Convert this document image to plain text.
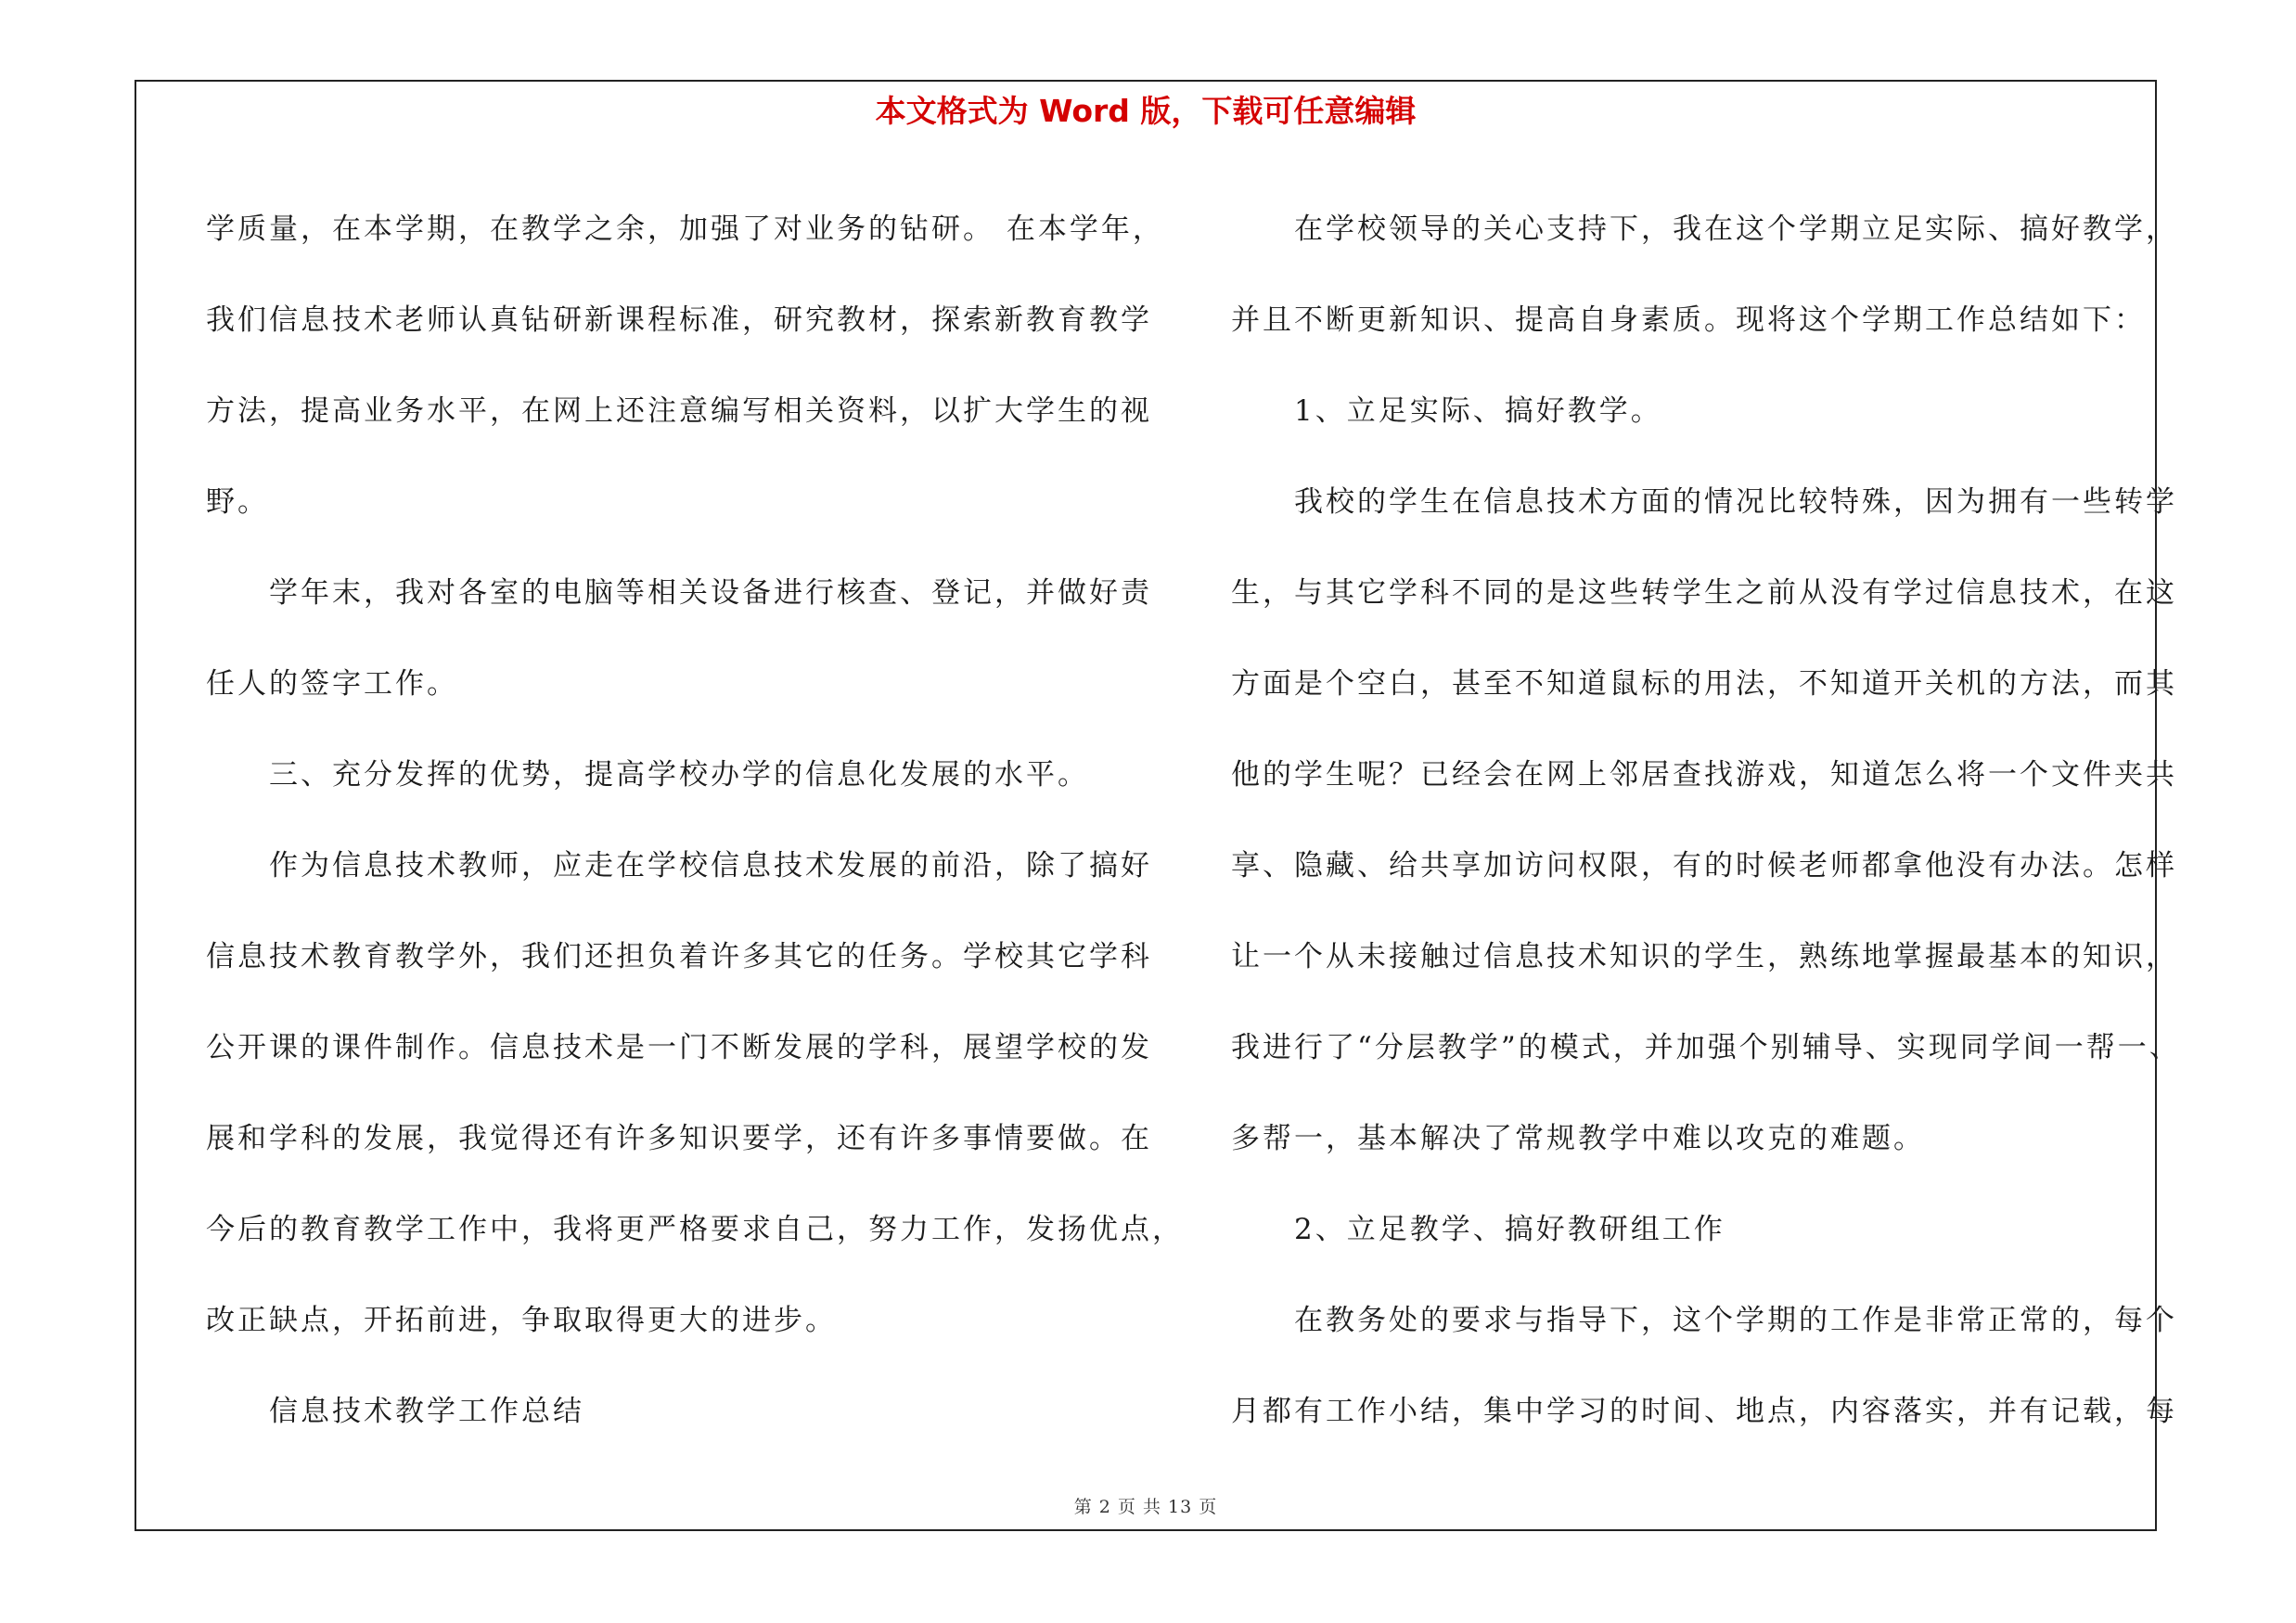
本文格式为 Word 版，下载可任意编辑
学质量，在本学期，在教学之余，加强了对业务的钻研。 在本学年，
我们信息技术老师认真钻研新课程标准，研究教材，探索新教育教学
方法，提高业务水平，在网上还注意编写相关资料，以扩大学生的视
野。
学年末，我对各室的电脑等相关设备进行核查、登记，并做好责
任人的签字工作。
三、充分发挥的优势，提高学校办学的信息化发展的水平。
作为信息技术教师，应走在学校信息技术发展的前沿，除了搞好
信息技术教育教学外，我们还担负着许多其它的任务。学校其它学科
公开课的课件制作。信息技术是一门不断发展的学科，展望学校的发
展和学科的发展，我觉得还有许多知识要学，还有许多事情要做。在
今后的教育教学工作中，我将更严格要求自己，努力工作，发扬优点，
改正缺点，开拓前进，争取取得更大的进步。
信息技术教学工作总结
在学校领导的关心支持下，我在这个学期立足实际、搞好教学，
并且不断更新知识、提高自身素质。现将这个学期工作总结如下：
1、立足实际、搞好教学。
我校的学生在信息技术方面的情况比较特殊，因为拥有一些转学
生，与其它学科不同的是这些转学生之前从没有学过信息技术，在这
方面是个空白，甚至不知道鼠标的用法，不知道开关机的方法，而其
他的学生呢？已经会在网上邻居查找游戏，知道怎么将一个文件夹共
享、隐藏、给共享加访问权限，有的时候老师都拿他没有办法。怎样
让一个从未接触过信息技术知识的学生，熟练地掌握最基本的知识，
我进行了“分层教学”的模式，并加强个别辅导、实现同学间一帮一、
多帮一，基本解决了常规教学中难以攻克的难题。
2、立足教学、搞好教研组工作
在教务处的要求与指导下，这个学期的工作是非常正常的，每个
月都有工作小结，集中学习的时间、地点，内容落实，并有记载，每
第 2 页 共 13 页
